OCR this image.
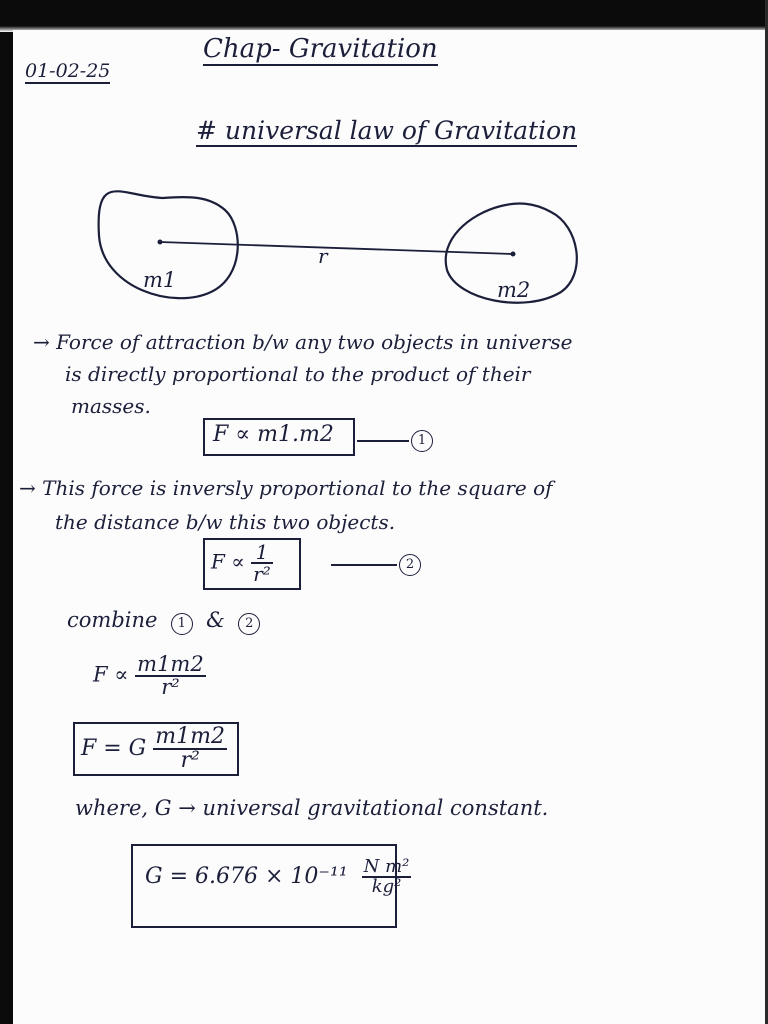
01-02-25
Chap- Gravitation
# universal law of Gravitation
m1	m2
r
→ Force of attraction b/w any two objects in universe
is directly proportional to the product of their
masses.
F ∝ m1.m2	1
→ This force is inversly proportional to the square of
the distance b/w this two objects.
$F \propto \frac{1}{\text{r²}}$	2
combine 1 & 2
$F \propto \frac{m1m2}{\text{r²}}$
F = G $\frac{m1m2}{\text{r²}}$
where, G → universal gravitational constant.
$G = 6.676 \times 10^{-11} \frac{\text{N m²}}{\text{kg²}}$
